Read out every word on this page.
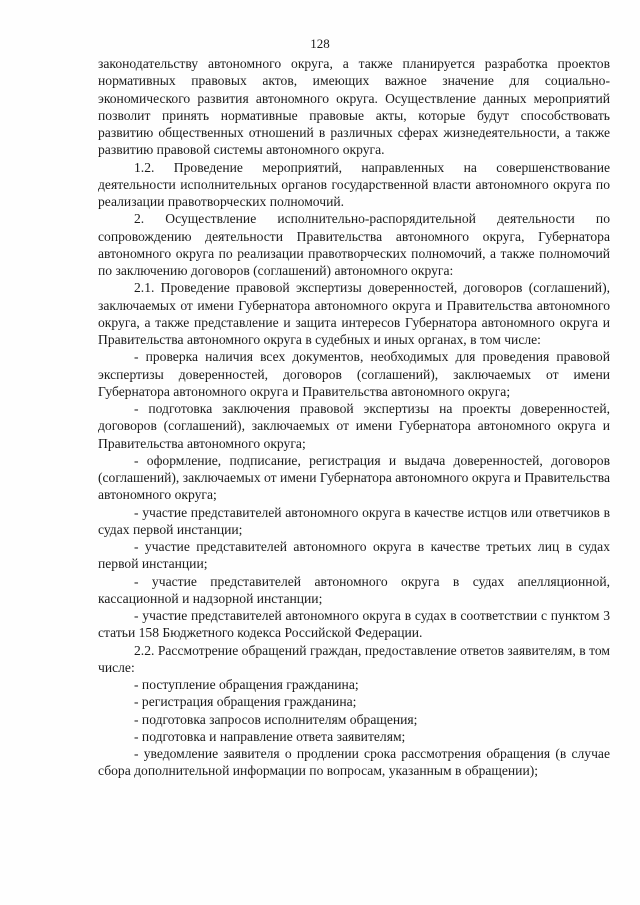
128

законодательству автономного округа, а также планируется разработка проектов нормативных правовых актов, имеющих важное значение для социально-экономического развития автономного округа. Осуществление данных мероприятий позволит принять нормативные правовые акты, которые будут способствовать развитию общественных отношений в различных сферах жизнедеятельности, а также развитию правовой системы автономного округа.

1.2. Проведение мероприятий, направленных на совершенствование деятельности исполнительных органов государственной власти автономного округа по реализации правотворческих полномочий.

2. Осуществление исполнительно-распорядительной деятельности по сопровождению деятельности Правительства автономного округа, Губернатора автономного округа по реализации правотворческих полномочий, а также полномочий по заключению договоров (соглашений) автономного округа:

2.1. Проведение правовой экспертизы доверенностей, договоров (соглашений), заключаемых от имени Губернатора автономного округа и Правительства автономного округа, а также представление и защита интересов Губернатора автономного округа и Правительства автономного округа в судебных и иных органах, в том числе:

- проверка наличия всех документов, необходимых для проведения правовой экспертизы доверенностей, договоров (соглашений), заключаемых от имени Губернатора автономного округа и Правительства автономного округа;

- подготовка заключения правовой экспертизы на проекты доверенностей, договоров (соглашений), заключаемых от имени Губернатора автономного округа и Правительства автономного округа;

- оформление, подписание, регистрация и выдача доверенностей, договоров (соглашений), заключаемых от имени Губернатора автономного округа и Правительства автономного округа;

- участие представителей автономного округа в качестве истцов или ответчиков в судах первой инстанции;

- участие представителей автономного округа в качестве третьих лиц в судах первой инстанции;

- участие представителей автономного округа в судах апелляционной, кассационной и надзорной инстанции;

- участие представителей автономного округа в судах в соответствии с пунктом 3 статьи 158 Бюджетного кодекса Российской Федерации.

2.2. Рассмотрение обращений граждан, предоставление ответов заявителям, в том числе:

- поступление обращения гражданина;

- регистрация обращения гражданина;

- подготовка запросов исполнителям обращения;

- подготовка и направление ответа заявителям;

- уведомление заявителя о продлении срока рассмотрения обращения (в случае сбора дополнительной информации по вопросам, указанным в обращении);
